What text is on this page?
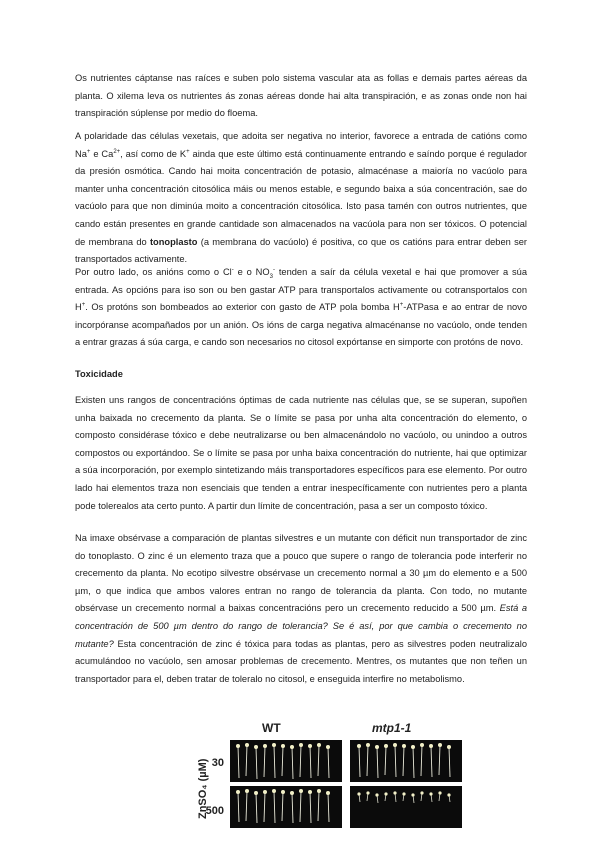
Os nutrientes cáptanse nas raíces e suben polo sistema vascular ata as follas e demais partes aéreas da planta. O xilema leva os nutrientes ás zonas aéreas donde hai alta transpiración, e as zonas onde non hai transpiración súplense por medio do floema.

A polaridade das células vexetais, que adoita ser negativa no interior, favorece a entrada de catións como Na+ e $Ca^{2+}$, así como de K+ ainda que este último está continuamente entrando e saíndo porque é regulador da presión osmótica. Cando hai moita concentración de potasio, almacénase a maioría no vacúolo para manter unha concentración citosólica máis ou menos estable, e segundo baixa a súa concentración, sae do vacúolo para que non diminúa moito a concentración citosólica. Isto pasa tamén con outros nutrientes, que cando están presentes en grande cantidade son almacenados na vacúola para non ser tóxicos. O potencial de membrana do tonoplasto (a membrana do vacúolo) é positiva, co que os catións para entrar deben ser transportados activamente.

Por outro lado, os anións como o Cl- e o $NO_3^-$ tenden a saír da célula vexetal e hai que promover a súa entrada. As opcións para iso son ou ben gastar ATP para transportalos activamente ou cotransportalos con H+. Os protóns son bombeados ao exterior con gasto de ATP pola bomba H+-ATPasa e ao entrar de novo incorpóranse acompañados por un anión. Os ións de carga negativa almacénanse no vacúolo, onde tenden a entrar grazas á súa carga, e cando son necesarios no citosol expórtanse en simporte con protóns de novo.

Toxicidade

Existen uns rangos de concentracións óptimas de cada nutriente nas células que, se se superan, supoñen unha baixada no crecemento da planta. Se o límite se pasa por unha alta concentración do elemento, o composto considérase tóxico e debe neutralizarse ou ben almacenándolo no vacúolo, ou unindoo a outros compostos ou exportándoo. Se o límite se pasa por unha baixa concentración do nutriente, hai que optimizar a súa incorporación, por exemplo sintetizando máis transportadores específicos para ese elemento. Por outro lado hai elementos traza non esenciais que tenden a entrar inespecíficamente con nutrientes pero a planta pode tolerealos ata certo punto. A partir dun límite de concentración, pasa a ser un composto tóxico.

Na imaxe obsérvase a comparación de plantas silvestres e un mutante con déficit nun transportador de zinc do tonoplasto. O zinc é un elemento traza que a pouco que supere o rango de tolerancia pode interferir no crecemento da planta. No ecotipo silvestre obsérvase un crecemento normal a 30 µm do elemento e a 500 µm, o que indica que ambos valores entran no rango de tolerancia da planta. Con todo, no mutante obsérvase un crecemento normal a baixas concentracións pero un crecemento reducido a 500 µm. Está a concentración de 500 µm dentro do rango de tolerancia? Se é así, por que cambia o crecemento no mutante? Esta concentración de zinc é tóxica para todas as plantas, pero as silvestres poden neutralizalo acumulándoo no vacúolo, sen amosar problemas de crecemento. Mentres, os mutantes que non teñen un transportador para el, deben tratar de toleralo no citosol, e enseguida interfire no metabolismo.

WT	mtp1-1
ZnSO₄ (µM) 30
500
